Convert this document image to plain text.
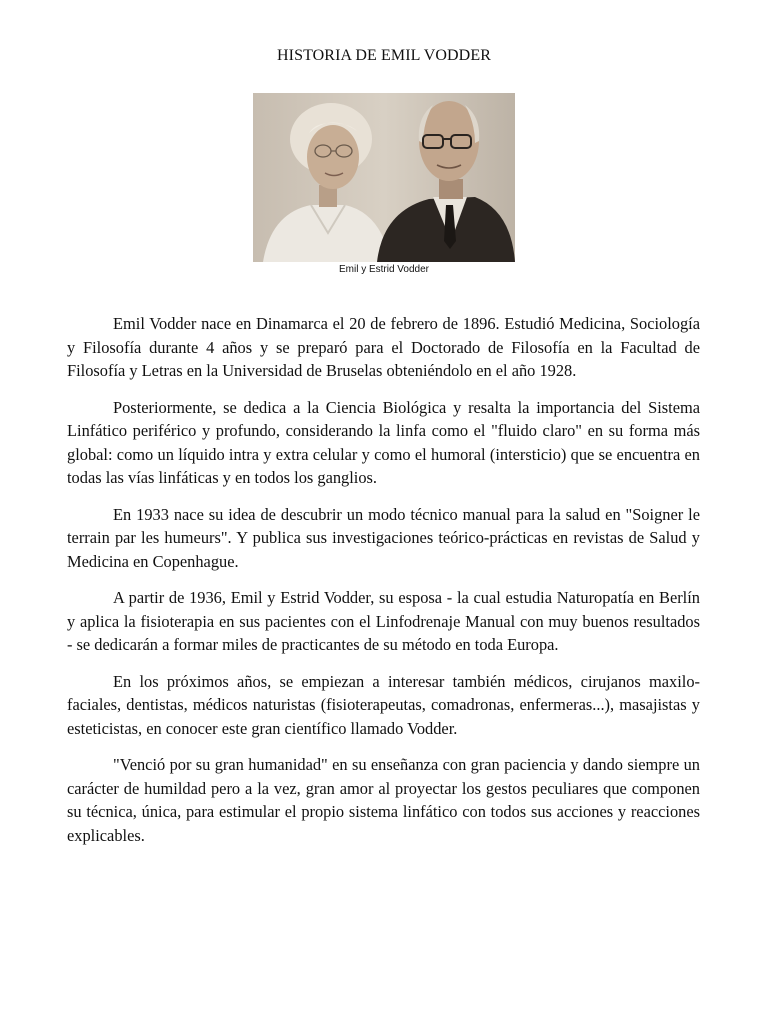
HISTORIA DE EMIL VODDER
Emil y Estrid Vodder

Emil Vodder nace en Dinamarca el 20 de febrero de 1896. Estudió Medicina, Sociología y Filosofía durante 4 años y se preparó para el Doctorado de Filosofía en la Facultad de Filosofía y Letras en la Universidad de Bruselas obteniéndolo en el año 1928.

Posteriormente, se dedica a la Ciencia Biológica y resalta la importancia del Sistema Linfático periférico y profundo, considerando la linfa como el "fluido claro" en su forma más global: como un líquido intra y extra celular y como el humoral (intersticio) que se encuentra en todas las vías linfáticas y en todos los ganglios.

En 1933 nace su idea de descubrir un modo técnico manual para la salud en "Soigner le terrain par les humeurs". Y publica sus investigaciones teórico-prácticas en revistas de Salud y Medicina en Copenhague.

A partir de 1936, Emil y Estrid Vodder, su esposa - la cual estudia Naturopatía en Berlín y aplica la fisioterapia en sus pacientes con el Linfodrenaje Manual con muy buenos resultados - se dedicarán a formar miles de practicantes de su método en toda Europa.

En los próximos años, se empiezan a interesar también médicos, cirujanos maxilo-faciales, dentistas, médicos naturistas (fisioterapeutas, comadronas, enfermeras...), masajistas y esteticistas, en conocer este gran científico llamado Vodder.

"Venció por su gran humanidad" en su enseñanza con gran paciencia y dando siempre un carácter de humildad pero a la vez, gran amor al proyectar los gestos peculiares que componen su técnica, única, para estimular el propio sistema linfático con todos sus acciones y reacciones explicables.
